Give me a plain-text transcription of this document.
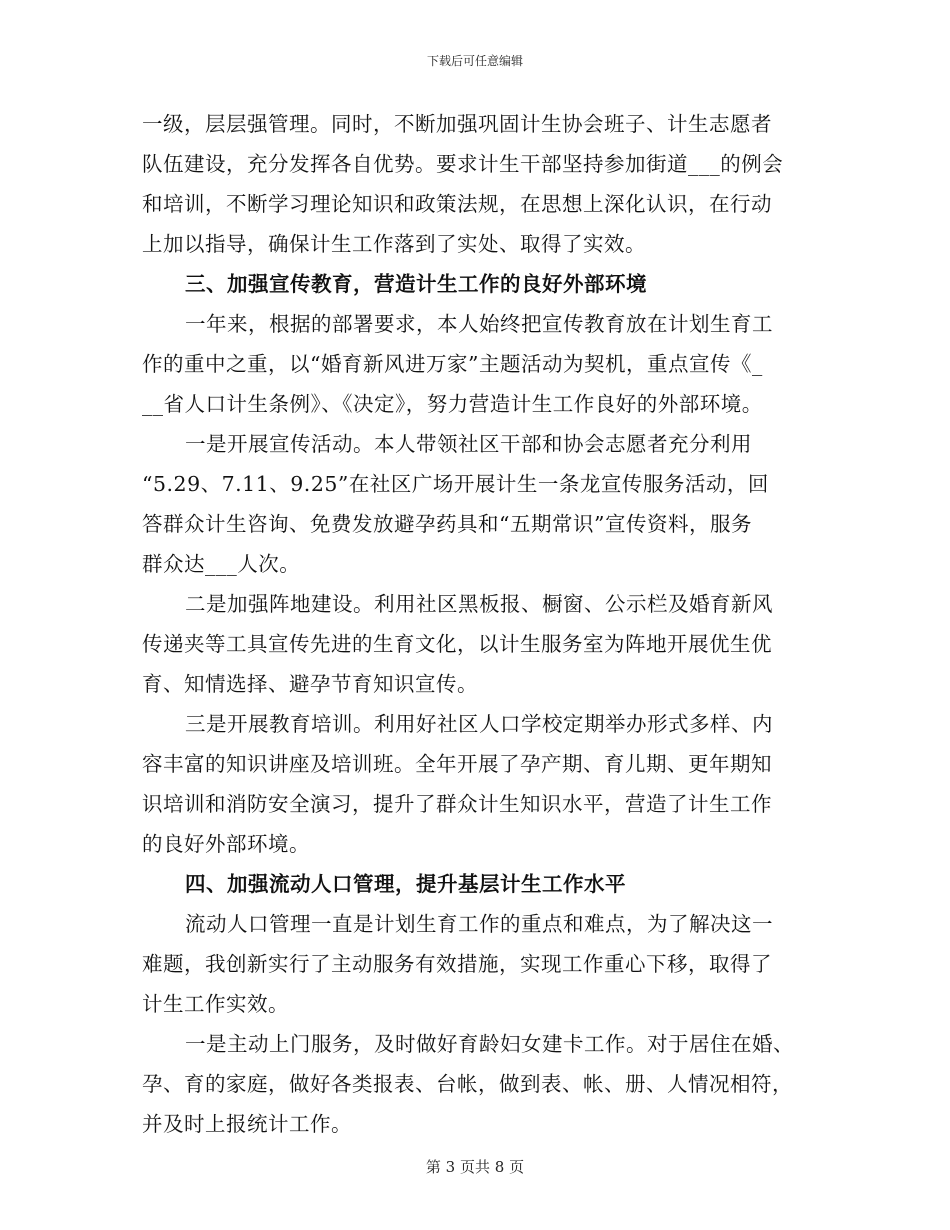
下载后可任意编辑
一级，层层强管理。同时，不断加强巩固计生协会班子、计生志愿者
队伍建设，充分发挥各自优势。要求计生干部坚持参加街道___的例会
和培训，不断学习理论知识和政策法规，在思想上深化认识，在行动
上加以指导，确保计生工作落到了实处、取得了实效。
三、加强宣传教育，营造计生工作的良好外部环境
一年来，根据的部署要求，本人始终把宣传教育放在计划生育工
作的重中之重，以“婚育新风进万家”主题活动为契机，重点宣传《_
__省人口计生条例》、《决定》，努力营造计生工作良好的外部环境。
一是开展宣传活动。本人带领社区干部和协会志愿者充分利用
“5.29、7.11、9.25”在社区广场开展计生一条龙宣传服务活动，回
答群众计生咨询、免费发放避孕药具和“五期常识”宣传资料，服务
群众达___人次。
二是加强阵地建设。利用社区黑板报、橱窗、公示栏及婚育新风
传递夹等工具宣传先进的生育文化，以计生服务室为阵地开展优生优
育、知情选择、避孕节育知识宣传。
三是开展教育培训。利用好社区人口学校定期举办形式多样、内
容丰富的知识讲座及培训班。全年开展了孕产期、育儿期、更年期知
识培训和消防安全演习，提升了群众计生知识水平，营造了计生工作
的良好外部环境。
四、加强流动人口管理，提升基层计生工作水平
流动人口管理一直是计划生育工作的重点和难点，为了解决这一
难题，我创新实行了主动服务有效措施，实现工作重心下移，取得了
计生工作实效。
一是主动上门服务，及时做好育龄妇女建卡工作。对于居住在婚、
孕、育的家庭，做好各类报表、台帐，做到表、帐、册、人情况相符，
并及时上报统计工作。
第 3 页共 8 页
